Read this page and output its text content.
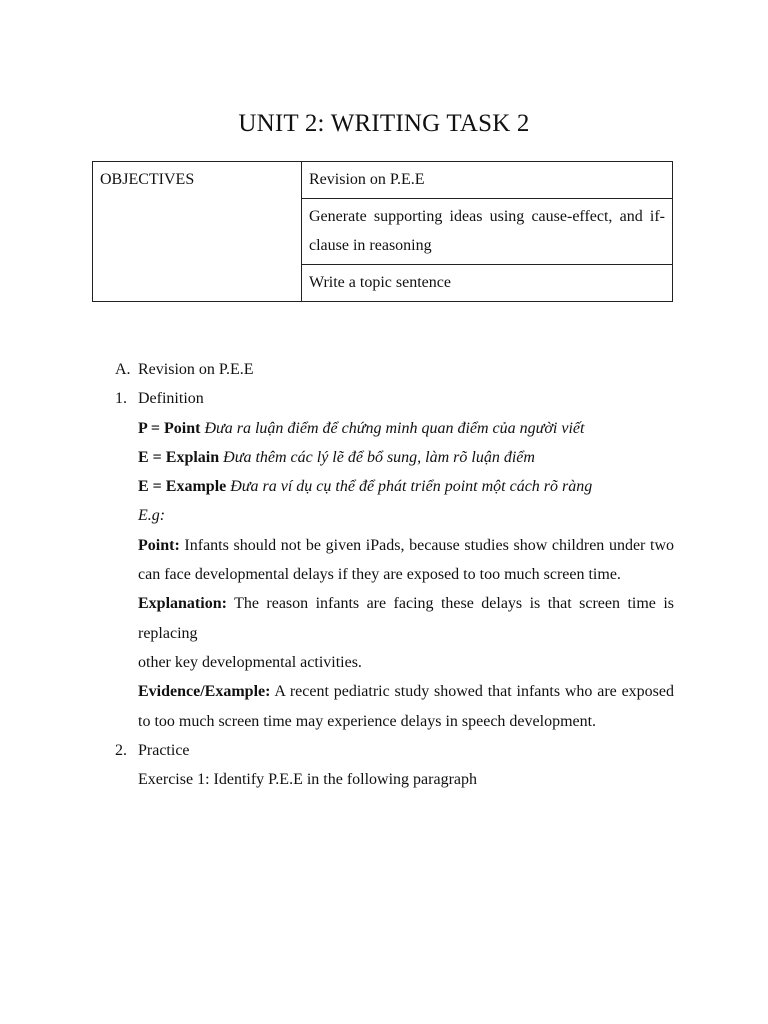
UNIT 2: WRITING TASK 2
OBJECTIVES	Revision on P.E.E
Generate supporting ideas using cause-effect, and if-clause in reasoning
Write a topic sentence
A. Revision on P.E.E
1. Definition
P = Point Đưa ra luận điểm để chứng minh quan điểm của người viết
E = Explain Đưa thêm các lý lẽ để bổ sung, làm rõ luận điểm
E = Example Đưa ra ví dụ cụ thể để phát triển point một cách rõ ràng
E.g:
Point: Infants should not be given iPads, because studies show children under two can face developmental delays if they are exposed to too much screen time.
Explanation: The reason infants are facing these delays is that screen time is replacing
other key developmental activities.
Evidence/Example: A recent pediatric study showed that infants who are exposed to too much screen time may experience delays in speech development.
2. Practice
Exercise 1: Identify P.E.E in the following paragraph
